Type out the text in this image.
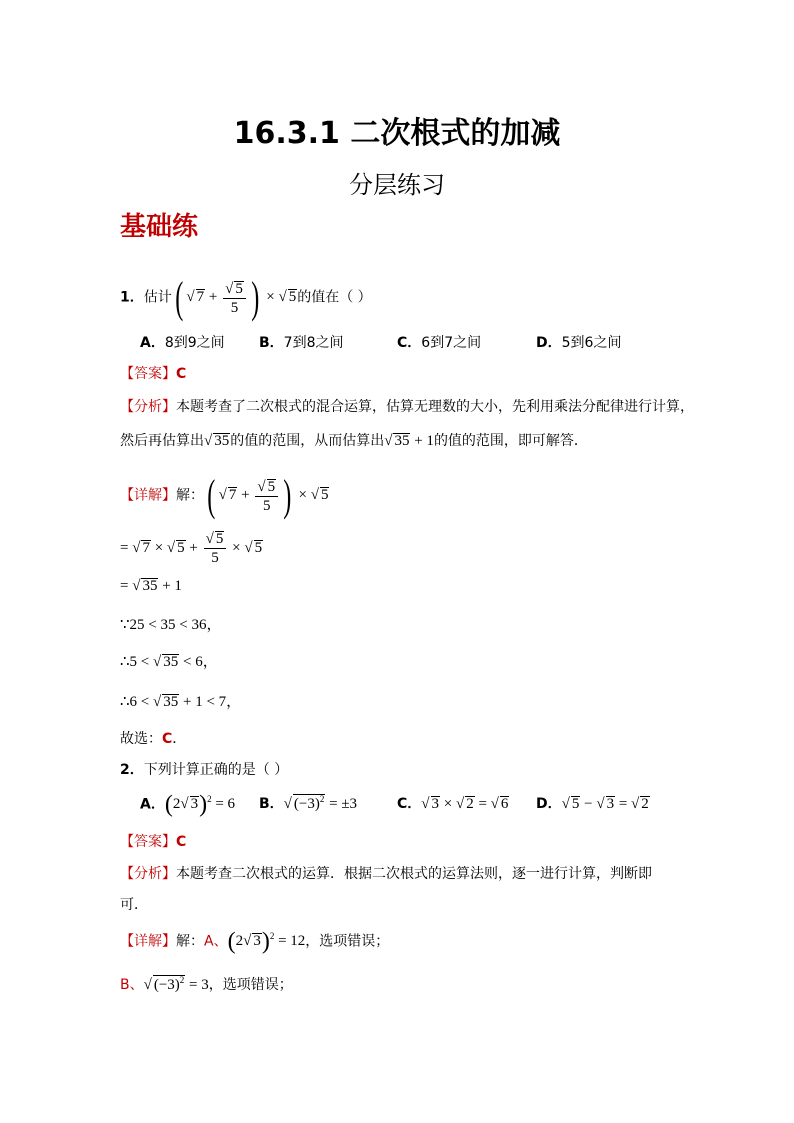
16.3.1 二次根式的加减
分层练习
基础练
1．估计( √ $7 + \frac{√ 5}{5}$ ) × √ 5的值在（ ）
A．8到9之间 B．7到8之间	C．6到7之间	D．5到6之间
【答案】C
【分析】本题考查了二次根式的混合运算，估算无理数的大小，先利用乘法分配律进行计算，
然后再估算出√ 35的值的范围，从而估算出√ 35 + 1的值的范围，即可解答．
【详解】解：( √ $7 + \frac{√ 5}{5}$ ) × √ 5
= √ 7 × √ $5 + \frac{√ 5}{5}$ × √ 5
= √ 35 + 1
∵25 < 35 < 36，
∴5 < √ 35 < 6，
∴6 < √ 35 + 1 < 7，
故选：C．
2．下列计算正确的是（ ）
A．(2√ 3)$^2$ = 6 B．√ $(-3)^2 = \pm 3$	C．√ 3 × √ 2 = √ 6 D．√ 5 − √ 3 = √ 2
【答案】C
【分析】本题考查二次根式的运算．根据二次根式的运算法则，逐一进行计算，判断即
可．
【详解】解：A、(2√ 3)$^2$ = 12，选项错误；
B、√ $(-3)^2 = 3$，选项错误；
